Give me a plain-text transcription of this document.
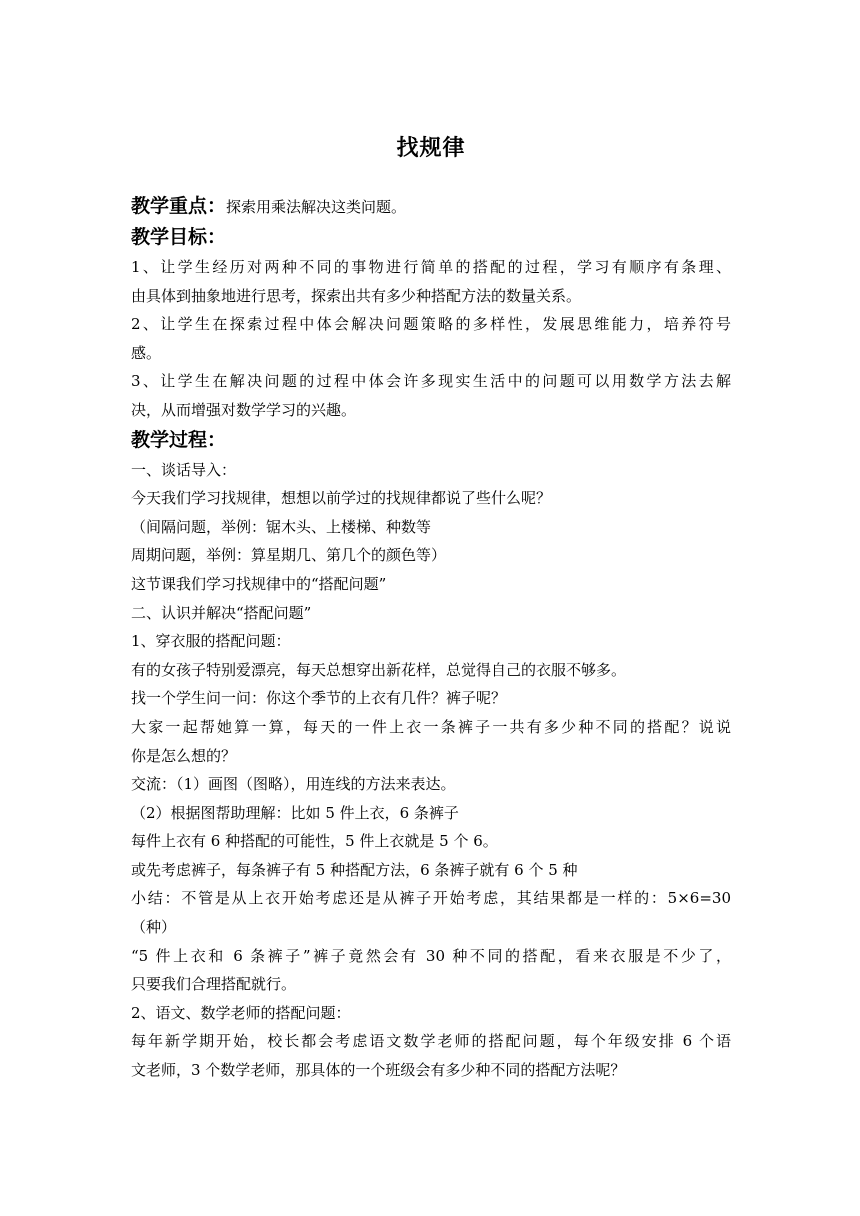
找规律
教学重点：探索用乘法解决这类问题。
教学目标：
1、让学生经历对两种不同的事物进行简单的搭配的过程，学习有顺序有条理、
由具体到抽象地进行思考，探索出共有多少种搭配方法的数量关系。
2、让学生在探索过程中体会解决问题策略的多样性，发展思维能力，培养符号
感。
3、让学生在解决问题的过程中体会许多现实生活中的问题可以用数学方法去解
决，从而增强对数学学习的兴趣。
教学过程：
一、谈话导入：
今天我们学习找规律，想想以前学过的找规律都说了些什么呢？
（间隔问题，举例：锯木头、上楼梯、种数等
周期问题，举例：算星期几、第几个的颜色等）
这节课我们学习找规律中的“搭配问题”
二、认识并解决“搭配问题”
1、穿衣服的搭配问题：
有的女孩子特别爱漂亮，每天总想穿出新花样，总觉得自己的衣服不够多。
找一个学生问一问：你这个季节的上衣有几件？裤子呢？
大家一起帮她算一算，每天的一件上衣一条裤子一共有多少种不同的搭配？说说
你是怎么想的？
交流：（1）画图（图略），用连线的方法来表达。
（2）根据图帮助理解：比如 5 件上衣，6 条裤子
每件上衣有 6 种搭配的可能性，5 件上衣就是 5 个 6。
或先考虑裤子，每条裤子有 5 种搭配方法，6 条裤子就有 6 个 5 种
小结：不管是从上衣开始考虑还是从裤子开始考虑，其结果都是一样的：5×6=30
（种）
“5 件上衣和 6 条裤子”裤子竟然会有 30 种不同的搭配，看来衣服是不少了，
只要我们合理搭配就行。
2、语文、数学老师的搭配问题：
每年新学期开始，校长都会考虑语文数学老师的搭配问题，每个年级安排 6 个语
文老师，3 个数学老师，那具体的一个班级会有多少种不同的搭配方法呢？
